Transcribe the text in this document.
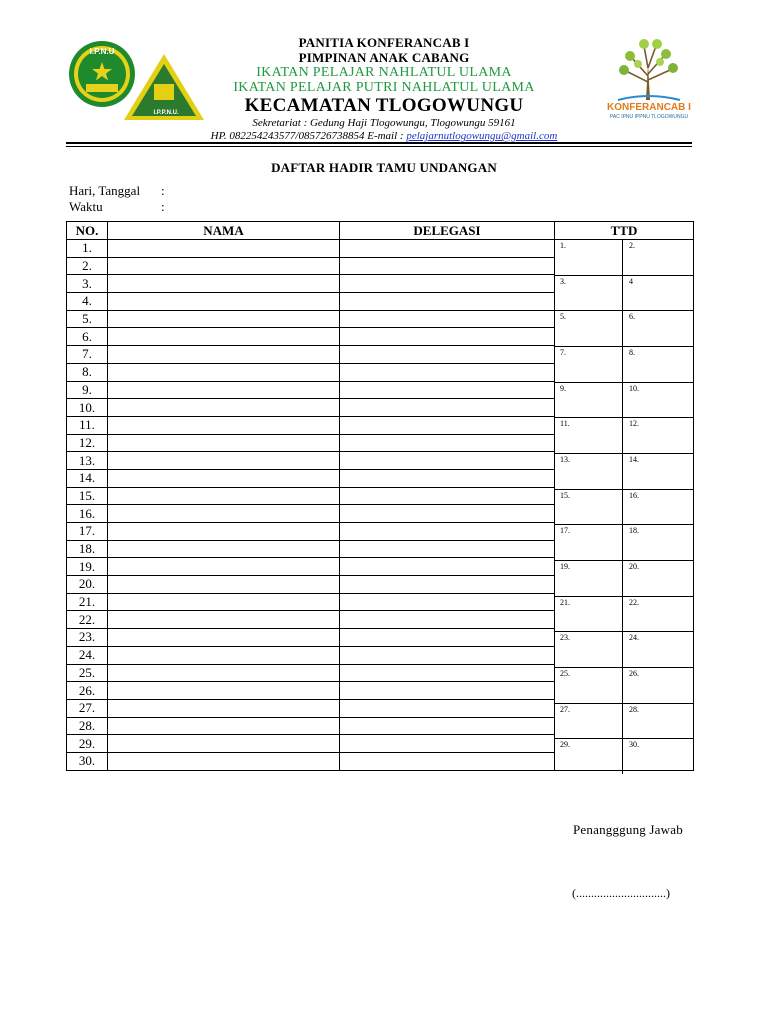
I.P.N.U
I.P.P.N.U.
PANITIA KONFERANCAB I
PIMPINAN ANAK CABANG
IKATAN PELAJAR NAHLATUL ULAMA
IKATAN PELAJAR PUTRI NAHLATUL ULAMA
KECAMATAN TLOGOWUNGU
Sekretariat : Gedung Haji Tlogowungu, Tlogowungu 59161
HP. 082254243577/085726738854 E-mail : pelajarnutlogowungu@gmail.com
KONFERANCAB I
PAC IPNU IPPNU TLOGOWUNGU
DAFTAR HADIR TAMU UNDANGAN
Hari, Tanggal :
Waktu	:
NO.	NAMA	DELEGASI	TTD
1.			
2.			
3.			
4.			
5.			
6.			
7.			
8.			
9.			
10.			
11.			
12.			
13.			
14.			
15.			
16.			
17.			
18.			
19.			
20.			
21.			
22.			
23.			
24.			
25.			
26.			
27.			
28.			
29.			
30.			
1.	2.
3.	4
5.	6.
7.	8.
9.	10.
11.	12.
13.	14.
15.	16.
17.	18.
19.	20.
21.	22.
23.	24.
25.	26.
27.	28.
29.	30.
Penangggung Jawab
(..............................)
